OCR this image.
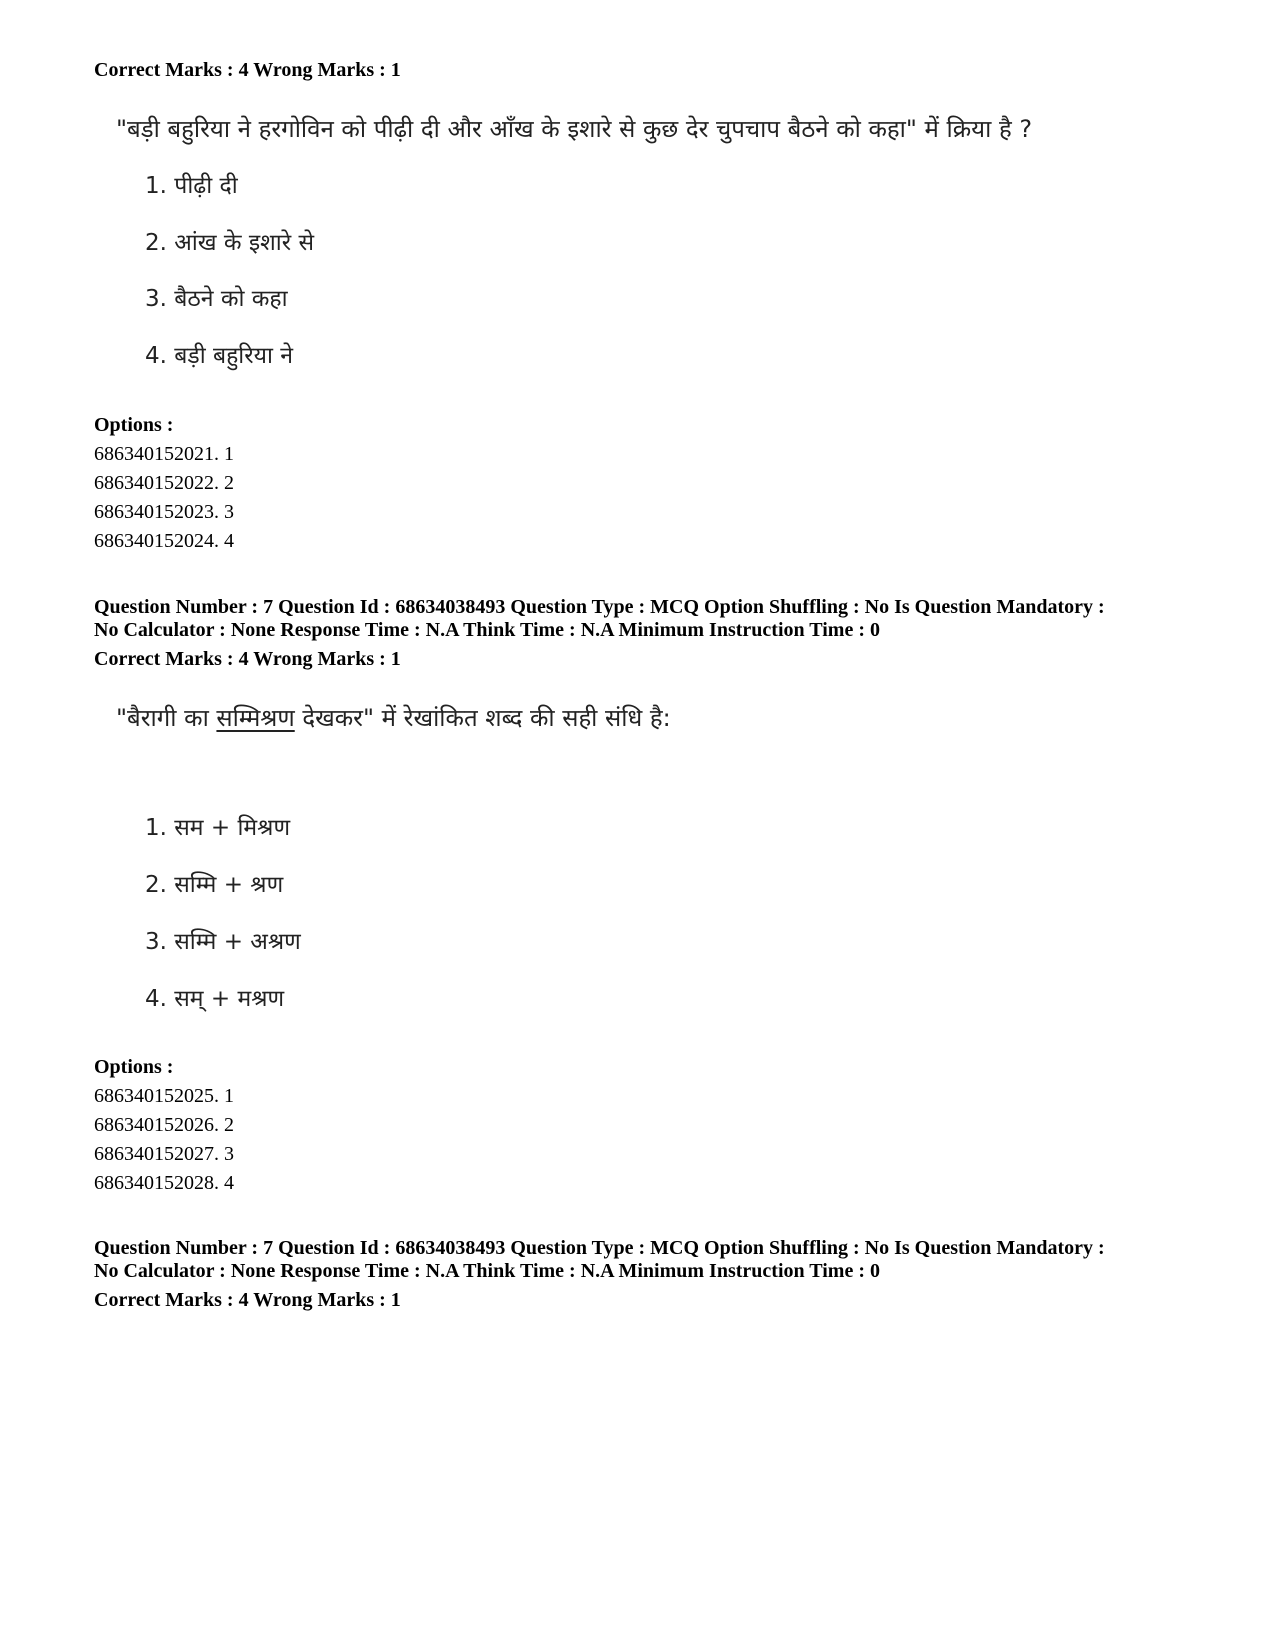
Correct Marks : 4 Wrong Marks : 1
"बड़ी बहुरिया ने हरगोविन को पीढ़ी दी और आँख के इशारे से कुछ देर चुपचाप बैठने को कहा" में क्रिया है ?
1. पीढ़ी दी
2. आंख के इशारे से
3. बैठने को कहा
4. बड़ी बहुरिया ने
Options :
686340152021. 1
686340152022. 2
686340152023. 3
686340152024. 4
Question Number : 7 Question Id : 68634038493 Question Type : MCQ Option Shuffling : No Is Question Mandatory :
No Calculator : None Response Time : N.A Think Time : N.A Minimum Instruction Time : 0
Correct Marks : 4 Wrong Marks : 1
"बैरागी का सम्मिश्रण देखकर" में रेखांकित शब्द की सही संधि है:
1. सम + मिश्रण
2. सम्मि + श्रण
3. सम्मि + अश्रण
4. सम् + मश्रण
Options :
686340152025. 1
686340152026. 2
686340152027. 3
686340152028. 4
Question Number : 7 Question Id : 68634038493 Question Type : MCQ Option Shuffling : No Is Question Mandatory :
No Calculator : None Response Time : N.A Think Time : N.A Minimum Instruction Time : 0
Correct Marks : 4 Wrong Marks : 1
